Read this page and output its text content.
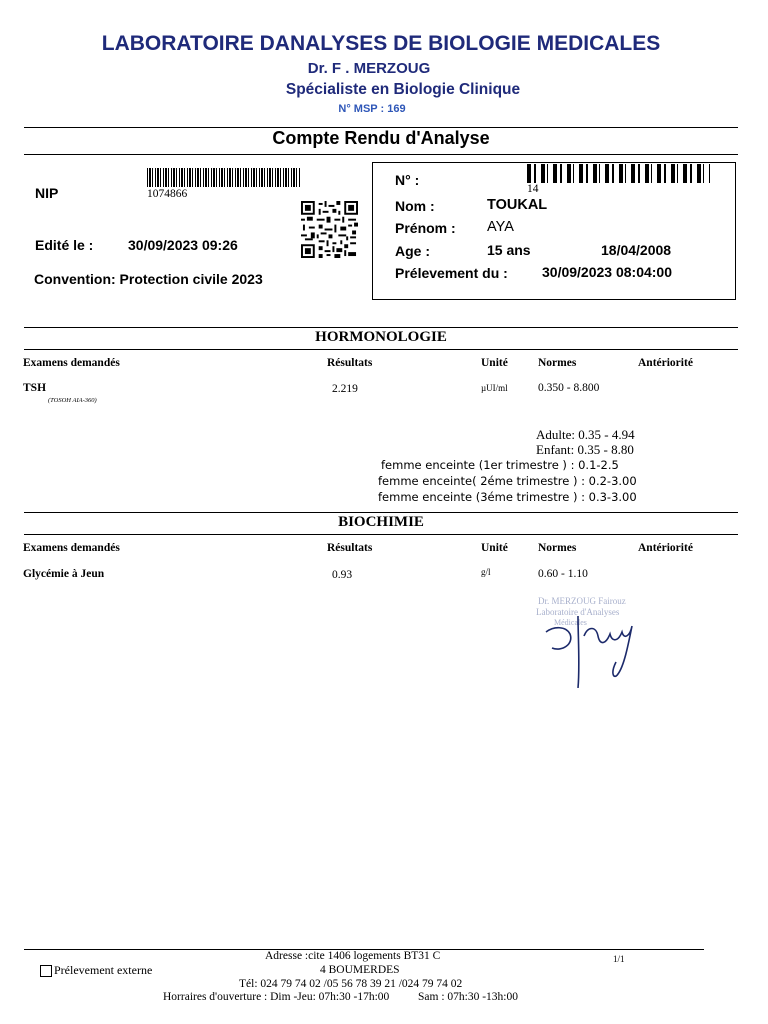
LABORATOIRE DANALYSES DE BIOLOGIE MEDICALES
Dr. F . MERZOUG
Spécialiste en Biologie Clinique
N° MSP : 169
Compte Rendu d'Analyse
NIP	1074866
Edité le : 30/09/2023 09:26
Convention: Protection civile 2023
N° :
14
Nom :	TOUKAL
Prénom : AYA
Age :	15 ans	18/04/2008
Prélevement du : 30/09/2023 08:04:00
HORMONOLOGIE
Examens demandés	Résultats	Unité	Normes	Antériorité
TSH
(TOSOH AIA-360)
2.219	µUI/ml	0.350 - 8.800
Adulte: 0.35 - 4.94
Enfant: 0.35 - 8.80
femme enceinte (1er trimestre ) : 0.1-2.5
femme enceinte( 2éme trimestre ) : 0.2-3.00
femme enceinte (3éme trimestre ) : 0.3-3.00
BIOCHIMIE
Examens demandés	Résultats	Unité	Normes	Antériorité
Glycémie à Jeun	0.93	g/l	0.60 - 1.10
Dr. MERZOUG Fairouz
Laboratoire d'Analyses
Médicales
Adresse :cite 1406 logements BT31 C	1/1
Prélevement externe	4 BOUMERDES
Tél: 024 79 74 02 /05 56 78 39 21 /024 79 74 02
Horraires d'ouverture : Dim -Jeu: 07h:30 -17h:00          Sam : 07h:30 -13h:00
